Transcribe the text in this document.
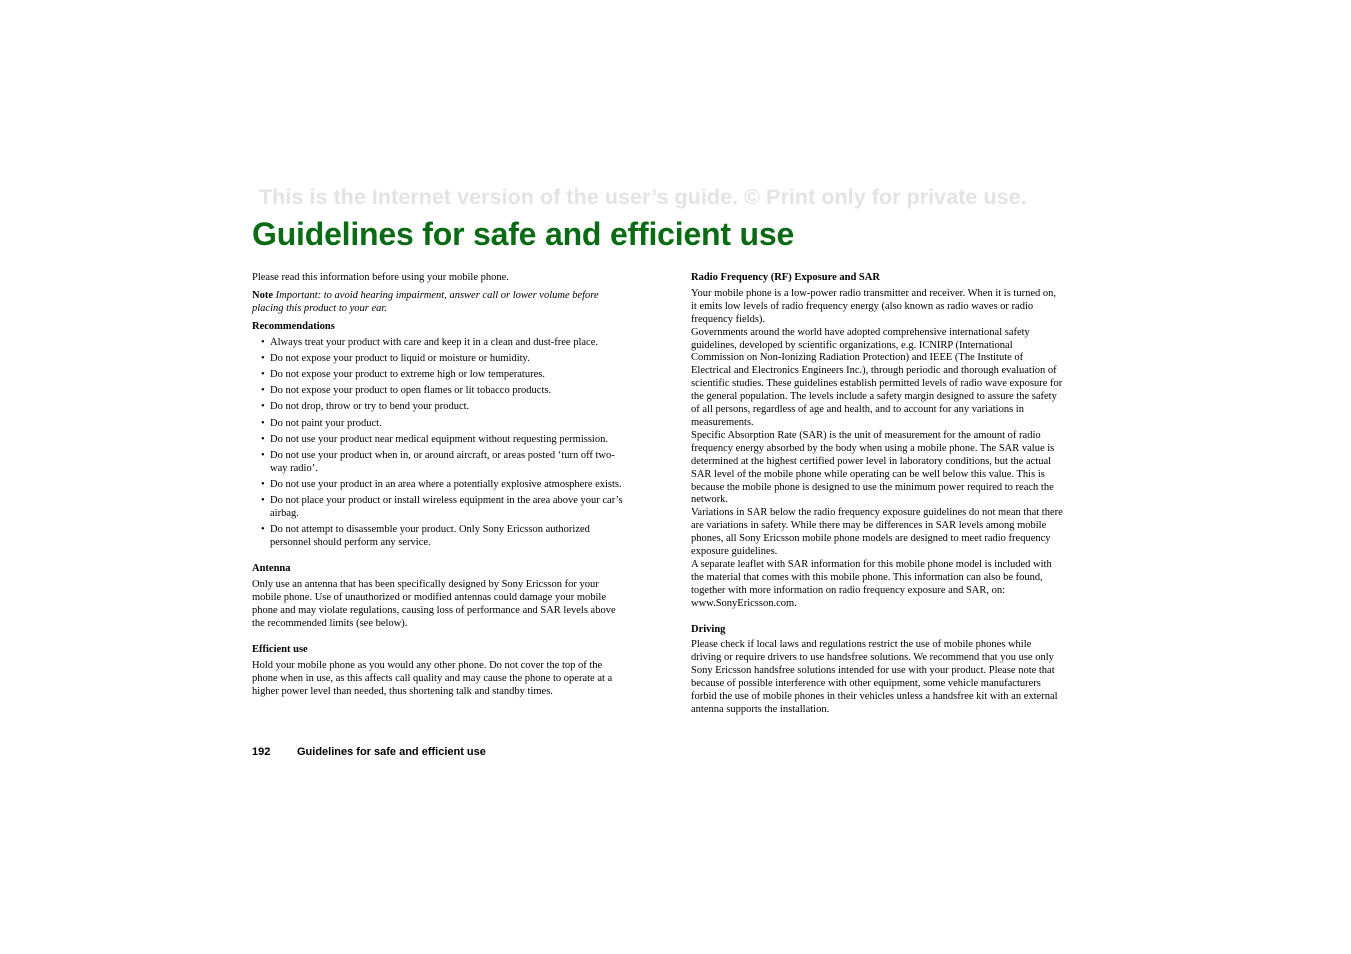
This is the Internet version of the user’s guide. © Print only for private use.
Guidelines for safe and efficient use

Please read this information before using your mobile phone.

Note Important: to avoid hearing impairment, answer call or lower volume before placing this product to your ear.

Recommendations

• Always treat your product with care and keep it in a clean and dust-free place.
• Do not expose your product to liquid or moisture or humidity.
• Do not expose your product to extreme high or low temperatures.
• Do not expose your product to open flames or lit tobacco products.
• Do not drop, throw or try to bend your product.
• Do not paint your product.
• Do not use your product near medical equipment without requesting permission.
• Do not use your product when in, or around aircraft, or areas posted ‘turn off two-way radio’.
• Do not use your product in an area where a potentially explosive atmosphere exists.
• Do not place your product or install wireless equipment in the area above your car’s airbag.
• Do not attempt to disassemble your product. Only Sony Ericsson authorized personnel should perform any service.

Antenna

Only use an antenna that has been specifically designed by Sony Ericsson for your mobile phone. Use of unauthorized or modified antennas could damage your mobile phone and may violate regulations, causing loss of performance and SAR levels above the recommended limits (see below).

Efficient use

Hold your mobile phone as you would any other phone. Do not cover the top of the phone when in use, as this affects call quality and may cause the phone to operate at a higher power level than needed, thus shortening talk and standby times.

Radio Frequency (RF) Exposure and SAR

Your mobile phone is a low-power radio transmitter and receiver. When it is turned on, it emits low levels of radio frequency energy (also known as radio waves or radio frequency fields).

Governments around the world have adopted comprehensive international safety guidelines, developed by scientific organizations, e.g. ICNIRP (International Commission on Non-Ionizing Radiation Protection) and IEEE (The Institute of Electrical and Electronics Engineers Inc.), through periodic and thorough evaluation of scientific studies. These guidelines establish permitted levels of radio wave exposure for the general population. The levels include a safety margin designed to assure the safety of all persons, regardless of age and health, and to account for any variations in measurements.

Specific Absorption Rate (SAR) is the unit of measurement for the amount of radio frequency energy absorbed by the body when using a mobile phone. The SAR value is determined at the highest certified power level in laboratory conditions, but the actual SAR level of the mobile phone while operating can be well below this value. This is because the mobile phone is designed to use the minimum power required to reach the network.

Variations in SAR below the radio frequency exposure guidelines do not mean that there are variations in safety. While there may be differences in SAR levels among mobile phones, all Sony Ericsson mobile phone models are designed to meet radio frequency exposure guidelines.

A separate leaflet with SAR information for this mobile phone model is included with the material that comes with this mobile phone. This information can also be found, together with more information on radio frequency exposure and SAR, on: www.SonyEricsson.com.

Driving

Please check if local laws and regulations restrict the use of mobile phones while driving or require drivers to use handsfree solutions. We recommend that you use only Sony Ericsson handsfree solutions intended for use with your product. Please note that because of possible interference with other equipment, some vehicle manufacturers forbid the use of mobile phones in their vehicles unless a handsfree kit with an external antenna supports the installation.

192 Guidelines for safe and efficient use
